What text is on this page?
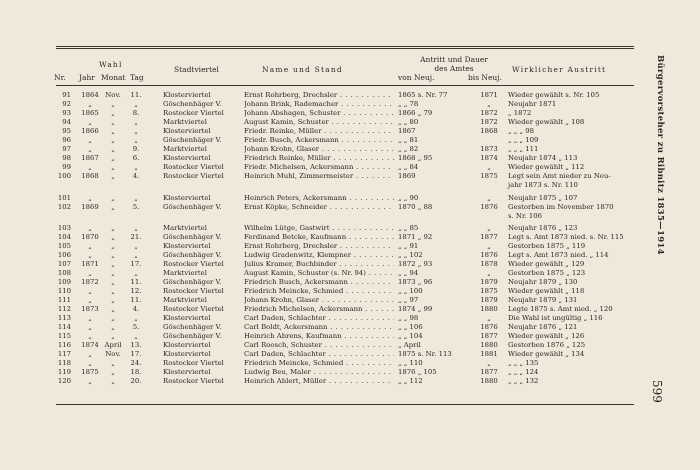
Bürgervorsteher zu Ribnitz 1835—1914
599
Wahl
Nr. Jahr Monat Tag
Stadtviertel	Name und Stand
Antritt und Dauer
des Amtes
von Neuj.	bis Neuj.
Wirklicher Austritt
91	1864 Nov.	11.	Klosterviertel	Ernst Rohrberg, Drechsler . . .	1865 s. Nr. 77	1871	Wieder gewählt s. Nr. 105
92	„	„	„	Göschenhäger V.	Johann Brink, Rademacher . . .	„ „ 78	„	Neujahr 1871
93	1865	„	8.	Rostocker Viertel	Johann Abshagen, Schuster . . .	1866 „ 79	1872	„ 1872
94	„	„	„	Marktviertel	August Kamin, Schuster . . .	„ „ 80	1872	Wieder gewählt „ 108
95	1866	„	„	Klosterviertel	Friedr. Reinke, Müller . . .	1867	1868	„ „ „ 98
96	„	„	„	Göschenhäger V.	Friedr. Busch, Ackersmann . . .	„ „ 81	„ „ „ 109
97	„	„	9.	Marktviertel	Johann Krohn, Glaser . . .	„ „ 82	1873	„ „ „ 111
98	1867	„	6.	Klosterviertel	Friedrich Reinke, Müller . . .	1868 „ 95	1874	Neujahr 1874 „ 113
99	„	„	„	Rostocker Viertel	Friedr. Michelsen, Ackersmann . . .	„ „ 84	„	Wieder gewählt „ 112
100	1868	„	4.	Rostocker Viertel	Heinrich Muhl, Zimmermeister . . .	1869	1875	Legt sein Amt nieder zu Neu-
jahr 1873 s. Nr. 110
101	„	„	„	Klosterviertel	Heinrich Peters, Ackersmann . . .	„ „ 90	„	Neujahr 1875 „ 107
102	1869	„	5.	Göschenhäger V.	Ernst Köpke, Schneider . . .	1870 „ 88	1876	Gestorben im November 1870
s. Nr. 106
103	„	„	„	Marktviertel	Wilhelm Lütge, Gastwirt . . .	„ „ 85	„	Neujahr 1876 „ 123
104	1870	„	21.	Göschenhäger V.	Ferdinand Betcke, Kaufmann . . .	1871 „ 92	1877	Legt s. Amt 1873 nied. s. Nr. 115
105	„	„	„	Klosterviertel	Ernst Rohrberg, Drechsler . . .	„ „ 91	„	Gestorben 1875 „ 119
106	„	„	„	Göschenhäger V.	Ludwig Gradenwitz, Klempner . . .	„ „ 102	1876	Legt s. Amt 1873 nied. „ 114
107	1871	„	17.	Rostocker Viertel	Julius Kramer, Buchbinder . . .	1872 „ 93	1878	Wieder gewählt „ 129
108	„	„	„	Marktviertel	August Kamin, Schuster (s. Nr. 94) . . .	„ „ 94	„	Gestorben 1875 „ 123
109	1872	„	11.	Göschenhäger V.	Friedrich Busch, Ackersmann . . .	1873 „ 96	1879	Neujahr 1879 „ 130
110	„	„	12.	Rostocker Viertel	Friedrich Meincke, Schmied . . .	„ „ 100	1875	Wieder gewählt „ 118
111	„	„	11.	Marktviertel	Johann Krohn, Glaser . . .	„ „ 97	1879	Neujahr 1879 „ 131
112	1873	„	4.	Rostocker Viertel	Friedrich Michelsen, Ackersmann . . .	1874 „ 99	1880	Legte 1875 s. Amt nied. „ 120
113	„	„	„	Klosterviertel	Carl Daden, Schlachter . . .	„ „ 98	„	Die Wahl ist ungültig „ 116
114	„	„	5.	Göschenhäger V.	Carl Boldt, Ackersmann . . .	„ „ 106	1876	Neujahr 1876 „ 121
115	„	„	„	Göschenhäger V.	Heinrich Ahrens, Kaufmann . . .	„ „ 104	1877	Wieder gewählt „ 126
116	1874 April	13.	Klosterviertel	Carl Roosch, Schuster . . .	„ April	1880	Gestorben 1876 „ 125
117	„	Nov.	17.	Klosterviertel	Carl Daden, Schlachter . . .	1875 s. Nr. 113	1881	Wieder gewählt „ 134
118	„	„	24.	Rostocker Viertel	Friedrich Meincke, Schmied . . .	„ „ 110	„	„ „ „ 135
119	1875	„	18.	Klosterviertel	Ludwig Beu, Maler . . .	1876 „ 105	1877	„ „ „ 124
120	„	„	20.	Rostocker Viertel	Heinrich Ahlert, Müller . . .	„ „ 112	1880	„ „ „ 132
